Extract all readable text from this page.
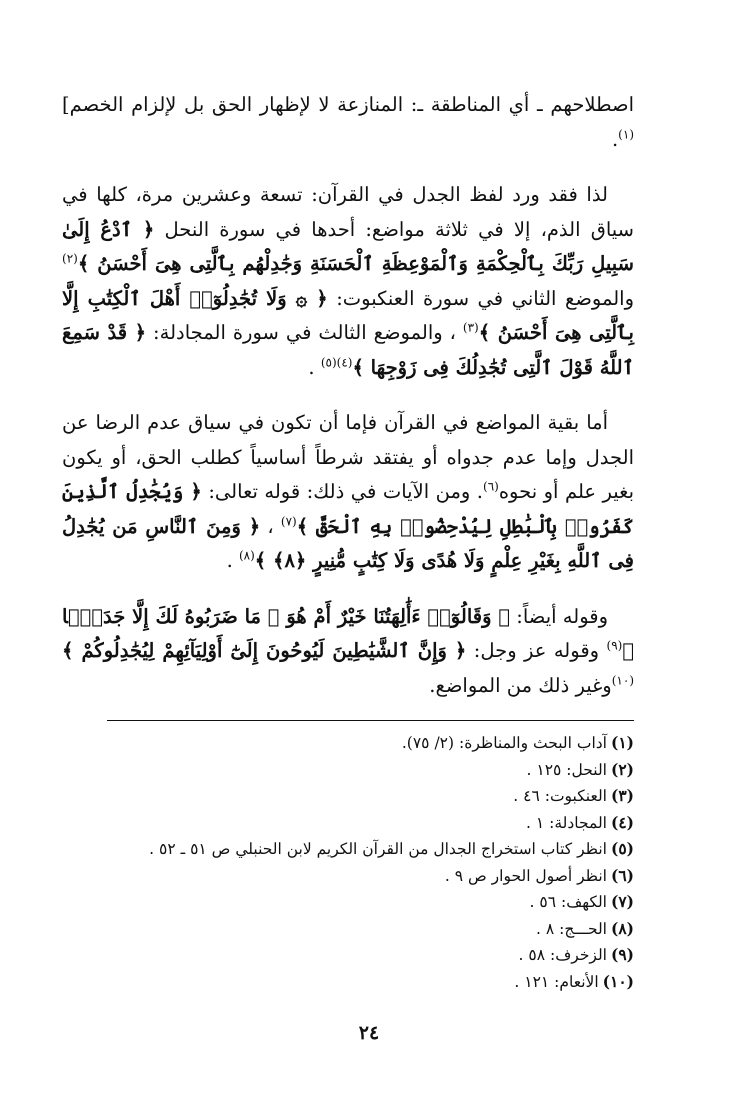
اصطلاحهم ـ أي المناطقة ـ: المنازعة لا لإظهار الحق بل لإلزام الخصم]$^{(١)}$.

لذا فقد ورد لفظ الجدل في القرآن: تسعة وعشرين مرة، كلها في سياق الذم، إلا في ثلاثة مواضع: أحدها في سورة النحل ﴿ ٱدْعُ إِلَىٰ سَبِيلِ رَبِّكَ بِٱلْحِكْمَةِ وَٱلْمَوْعِظَةِ ٱلْحَسَنَةِ وَجَٰدِلْهُم بِٱلَّتِى هِىَ أَحْسَنُ ﴾$^{(٢)}$ والموضع الثاني في سورة العنكبوت: ﴿ ۞ وَلَا تُجَٰدِلُوٓا۟ أَهْلَ ٱلْكِتَٰبِ إِلَّا بِٱلَّتِى هِىَ أَحْسَنُ ﴾$^{(٣)}$ ، والموضع الثالث في سورة المجادلة: ﴿ قَدْ سَمِعَ ٱللَّهُ قَوْلَ ٱلَّتِى تُجَٰدِلُكَ فِى زَوْجِهَا ﴾$^{(٤)(٥)}$ .

أما بقية المواضع في القرآن فإما أن تكون في سياق عدم الرضا عن الجدل وإما عدم جدواه أو يفتقد شرطاً أساسياً كطلب الحق، أو يكون بغير علم أو نحوه$^{(٦)}$. ومن الآيات في ذلك: قوله تعالى: ﴿ وَيُجَٰدِلُ ٱلَّذِينَ كَفَرُوا۟ بِٱلْبَٰطِلِ لِيُدْحِضُوا۟ بِهِ ٱلْحَقَّ ﴾$^{(٧)}$ ، ﴿ وَمِنَ ٱلنَّاسِ مَن يُجَٰدِلُ فِى ٱللَّهِ بِغَيْرِ عِلْمٍ وَلَا هُدًى وَلَا كِتَٰبٍ مُّنِيرٍ ﴿٨﴾ ﴾$^{(٨)}$ .

وقوله أيضاً: ﴿ وَقَالُوٓا۟ ءَأَٰلِهَتُنَا خَيْرٌ أَمْ هُوَ ۚ مَا ضَرَبُوهُ لَكَ إِلَّا جَدَلًۢا ﴾$^{(٩)}$ وقوله عز وجل: ﴿ وَإِنَّ ٱلشَّيَٰطِينَ لَيُوحُونَ إِلَىٰٓ أَوْلِيَآئِهِمْ لِيُجَٰدِلُوكُمْ ﴾$^{(١٠)}$وغير ذلك من المواضع.

(١)آداب البحث والمناظرة: (٢/ ٧٥).
(٢)النحل: ١٢٥ .
(٣)العنكبوت: ٤٦ .
(٤)المجادلة: ١ .
(٥)انظر كتاب استخراج الجدال من القرآن الكريم لابن الحنبلي ص ٥١ ـ ٥٢ .
(٦)انظر أصول الحوار ص ٩ .
(٧)الكهف: ٥٦ .
(٨)الحـــج: ٨ .
(٩)الزخرف: ٥٨ .
(١٠)الأنعام: ١٢١ .
٢٤
